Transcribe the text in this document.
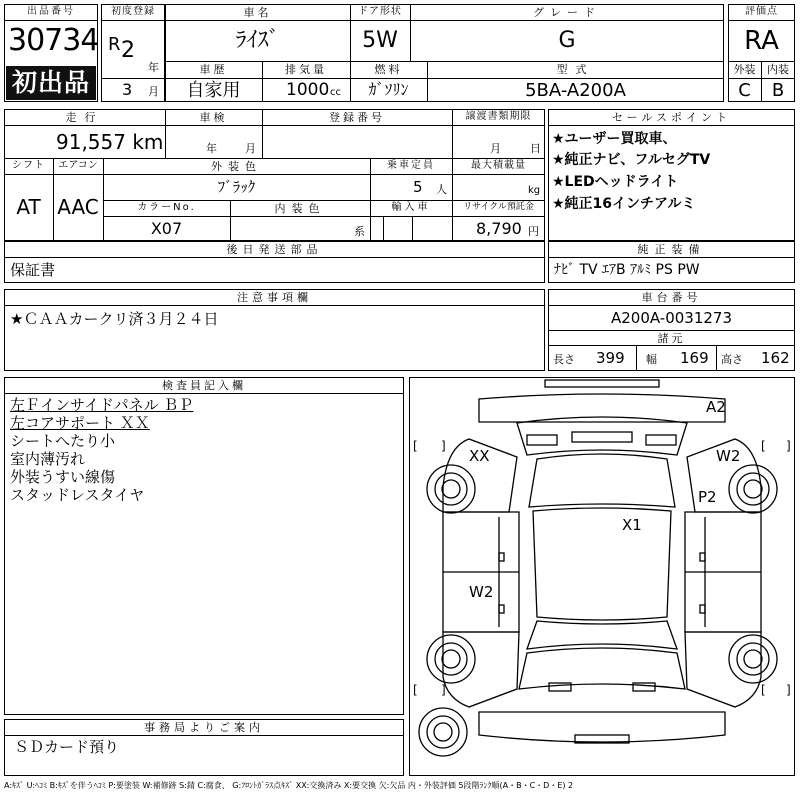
出品番号
30734
初出品
初度登録
R 2
年
3 月
車名
ﾗｲｽﾞ
ドア形状
5W
グレード
G
車歴
自家用
排気量
1000 cc
燃料
ｶﾞｿﾘﾝ
型式
5BA-A200A
評価点
RA
外装	内装
C	B
走行
91,557 km
車検
年	月
登録番号	譲渡書類期限
月	日
シフト
AT
エアコン
AAC
外装色
ﾌﾞﾗｯｸ
乗車定員
5 人
最大積載量
kg
カラーNo.
X07
内装色
系
輸入車	リサイクル預託金
8,790 円
セールスポイント
★ユーザー買取車、
★純正ナビ、フルセグTV
★LEDヘッドライト
★純正16インチアルミ
後日発送部品
保証書
純正装備
ﾅﾋﾞ TV ｴｱB ｱﾙﾐ PS PW
注意事項欄
★ＣＡＡカークリ済３月２４日
車台番号
A200A-0031273
諸元
長さ 399 幅 169 高さ 162
検査員記入欄
左Ｆインサイドパネル ＢＰ
左コアサポート ＸＸ
シートへたり小
室内薄汚れ
外装うすい線傷
スタッドレスタイヤ
事務局よりご案内
ＳＤカード預り
A2
XX	W2
P2
X1
W2
[ ]	[ ]
[ ]	[ ]
A:ｷｽﾞ U:ﾍｺﾐ B:ｷｽﾞを伴うﾍｺﾐ P:要塗装 W:補修跡 S:錆 C:腐食、 G:ﾌﾛﾝﾄｶﾞﾗｽ点ｷｽﾞ XX:交換済み X:要交換 欠:欠品 内・外装評価 5段階ﾗﾝｸ順(A・B・C・D・E) 2
